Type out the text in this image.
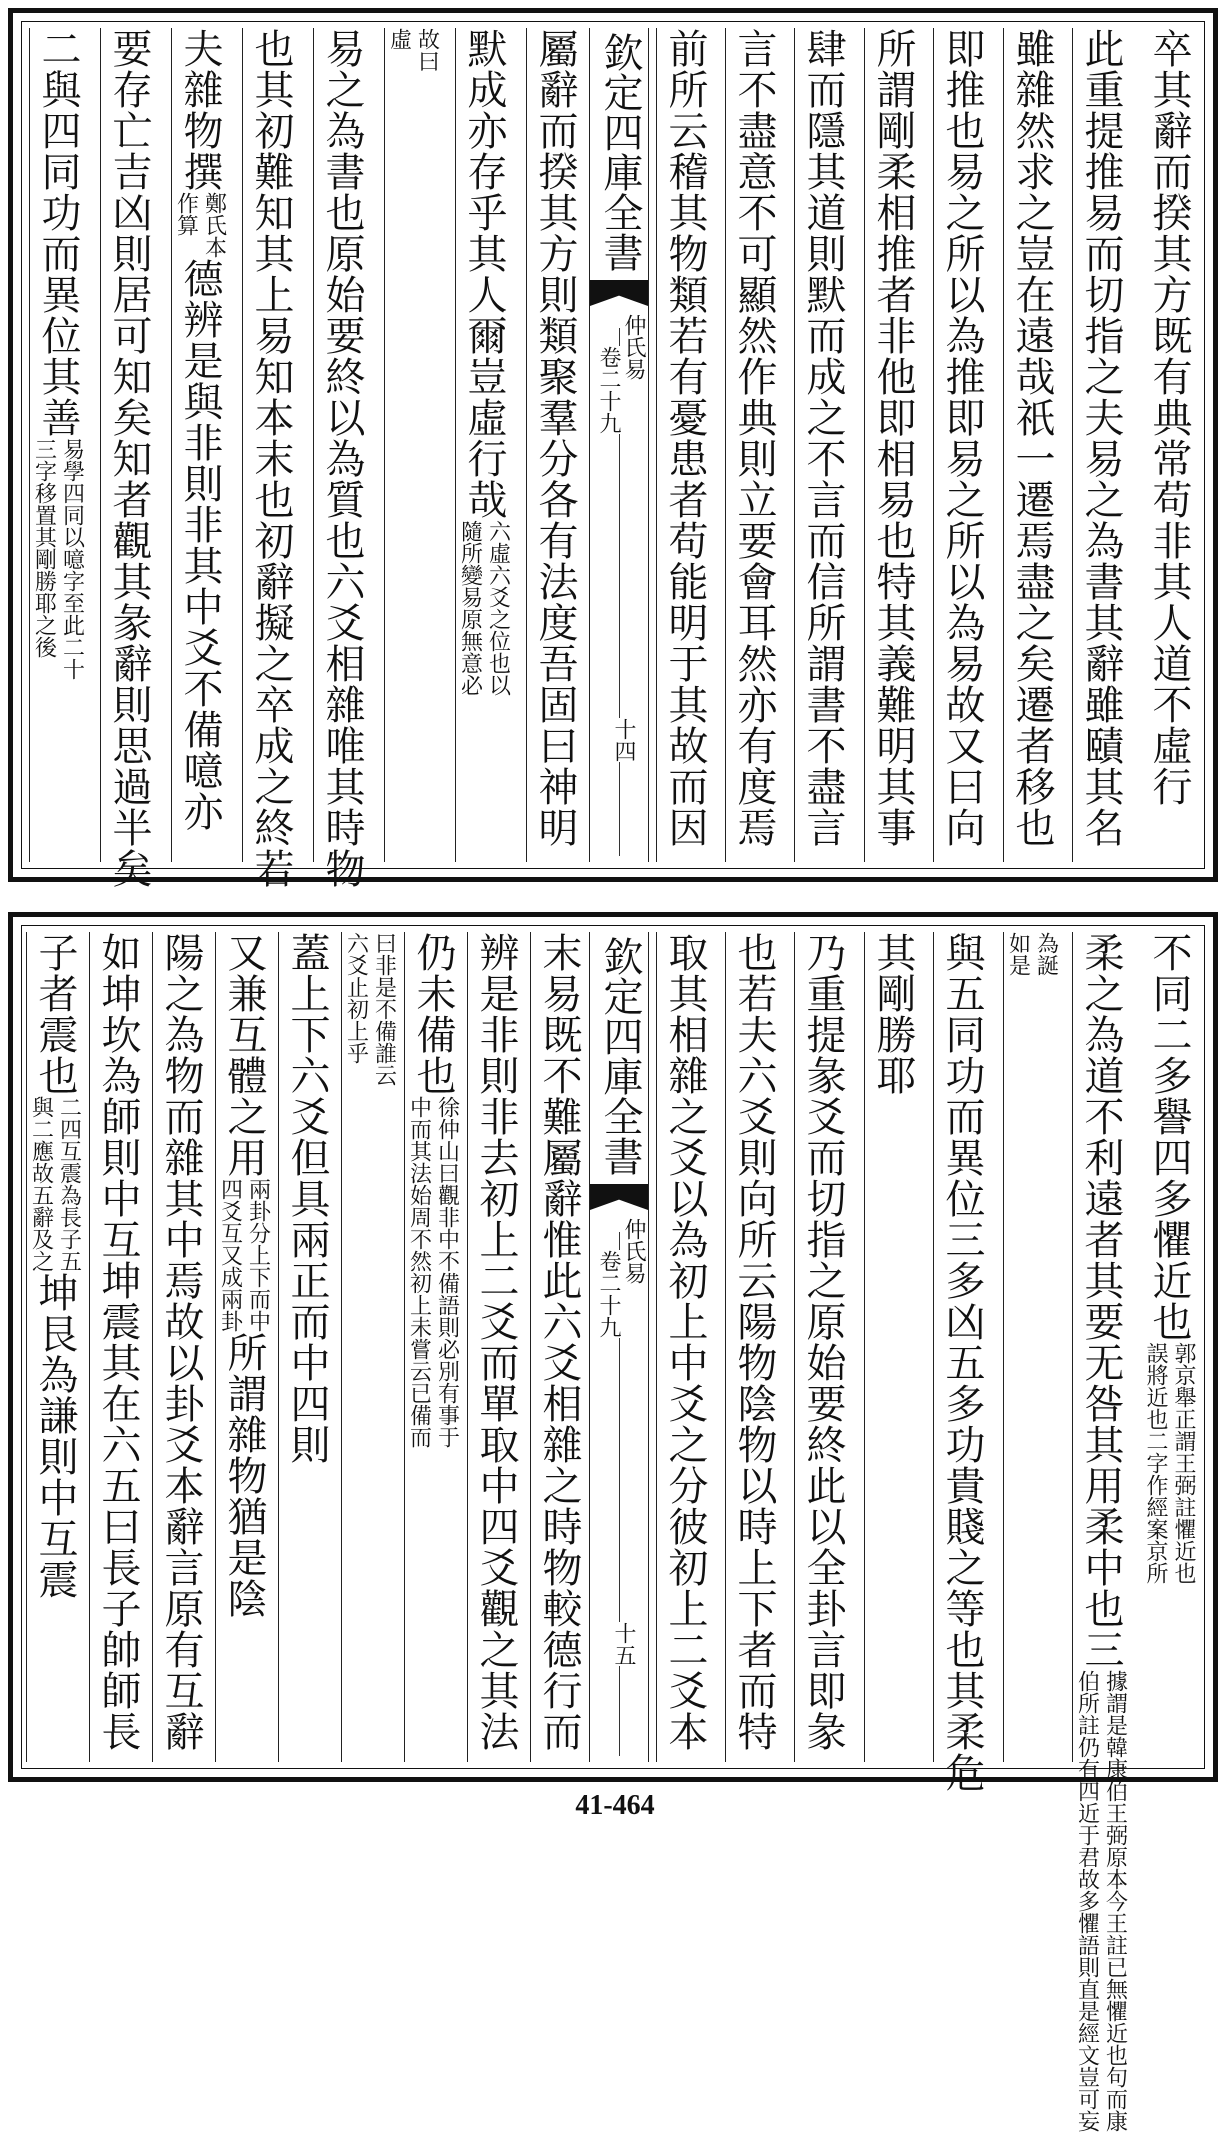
卒其辭而揆其方既有典常苟非其人道不虛行
此重提推易而切指之夫易之為書其辭雖賾其名
雖雜然求之豈在遠哉祇一遷焉盡之矣遷者移也
即推也易之所以為推即易之所以為易故又曰向
所謂剛柔相推者非他即相易也特其義難明其事
肆而隱其道則默而成之不言而信所謂書不盡言
言不盡意不可顯然作典則立要會耳然亦有度焉
前所云稽其物類若有憂患者苟能明于其故而因
欽定四庫全書
仲氏易
卷二十九
十四
屬辭而揆其方則類聚羣分各有法度吾固曰神明
默成亦存乎其人爾豈虛行哉
六虛六爻之位也以
隨所變易原無意必
故曰
虛
易之為書也原始要終以為質也六爻相雜唯其時物
也其初難知其上易知本末也初辭擬之卒成之終若
夫雜物撰
鄭氏本
作算
德辨是與非則非其中爻不備噫亦
要存亡吉凶則居可知矣知者觀其彖辭則思過半矣
二與四同功而異位其善
易學四同以噫字至此二十
三字移置其剛勝耶之後
不同二多譽四多懼近也
郭京舉正謂王弼註懼近也
誤將近也二字作經案京所
柔之為道不利遠者其要无咎其用柔中也三
據謂是韓康伯王弼原本今王註已無懼近也句而康
伯所註仍有四近于君故多懼語則直是經文豈可妄
為誕
如是
與五同功而異位三多凶五多功貴賤之等也其柔危
其剛勝耶
乃重提彖爻而切指之原始要終此以全卦言即彖
也若夫六爻則向所云陽物陰物以時上下者而特
取其相雜之爻以為初上中爻之分彼初上二爻本
欽定四庫全書
仲氏易
卷二十九
十五
末易既不難屬辭惟此六爻相雜之時物較德行而
辨是非則非去初上二爻而單取中四爻觀之其法
仍未備也
徐仲山曰觀非中不備語則必別有事于
中而其法始周不然初上未嘗云已備而
曰非是不備誰云
六爻止初上乎
蓋上下六爻但具兩正而中四則
又兼互體之用
兩卦分上下而中
四爻互又成兩卦
所謂雜物猶是陰
陽之為物而雜其中焉故以卦爻本辭言原有互辭
如坤坎為師則中互坤震其在六五曰長子帥師長
子者震也
二四互震為長子五
與二應故五辭及之
坤艮為謙則中互震
41-464
